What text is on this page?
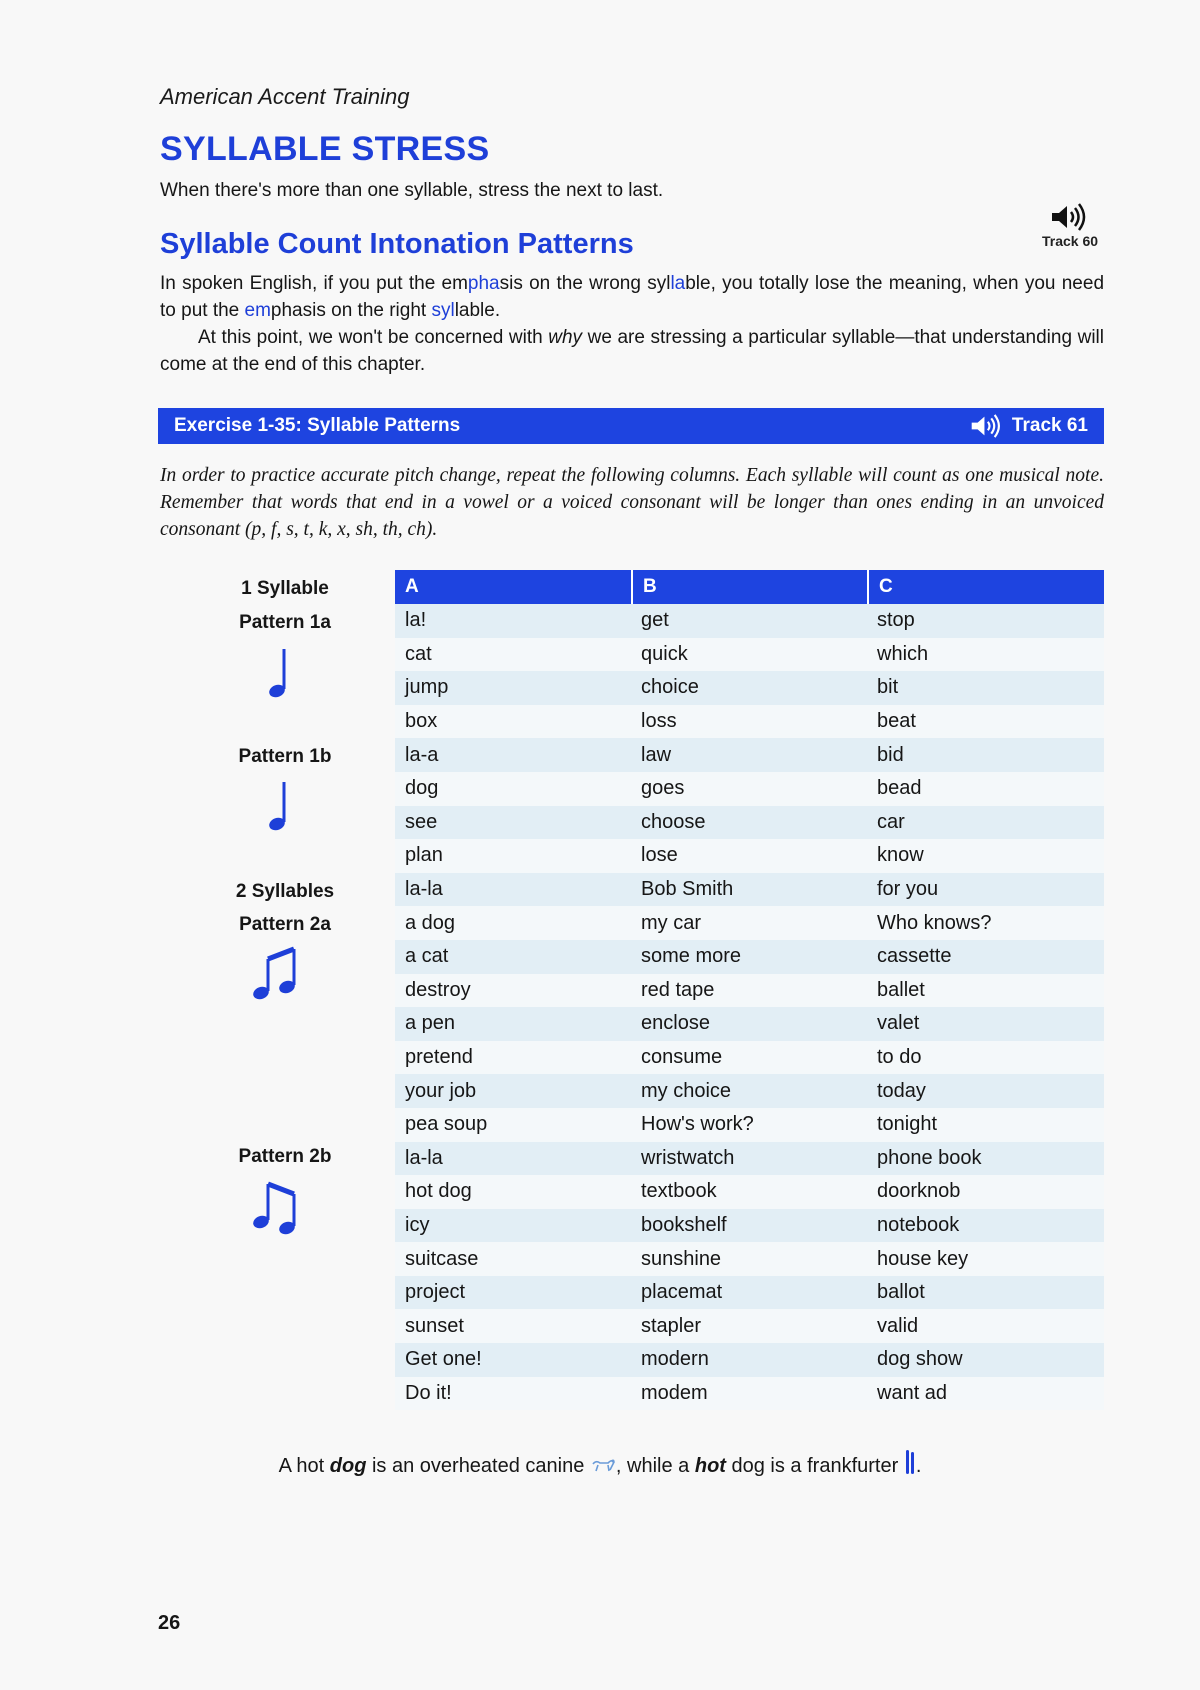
American Accent Training
SYLLABLE STRESS
When there's more than one syllable, stress the next to last.
Track 60
Syllable Count Intonation Patterns
In spoken English, if you put the emphasis on the wrong syllable, you totally lose the meaning, when you need to put the emphasis on the right syllable.
At this point, we won't be concerned with why we are stressing a particular syllable—that understanding will come at the end of this chapter.
Exercise 1-35: Syllable Patterns	Track 61
In order to practice accurate pitch change, repeat the following columns. Each syllable will count as one musical note. Remember that words that end in a vowel or a voiced consonant will be longer than ones ending in an unvoiced consonant (p, f, s, t, k, x, sh, th, ch).
1 Syllable
Pattern 1a
Pattern 1b
2 Syllables
Pattern 2a
Pattern 2b
A	B	C
la!	get	stop
cat	quick	which
jump	choice	bit
box	loss	beat
la-a	law	bid
dog	goes	bead
see	choose	car
plan	lose	know
la-la	Bob Smith	for you
a dog	my car	Who knows?
a cat	some more	cassette
destroy	red tape	ballet
a pen	enclose	valet
pretend	consume	to do
your job	my choice	today
pea soup	How's work?	tonight
la-la	wristwatch	phone book
hot dog	textbook	doorknob
icy	bookshelf	notebook
suitcase	sunshine	house key
project	placemat	ballot
sunset	stapler	valid
Get one!	modern	dog show
Do it!	modem	want ad
A hot dog is an overheated canine , while a hot dog is a frankfurter .
26
